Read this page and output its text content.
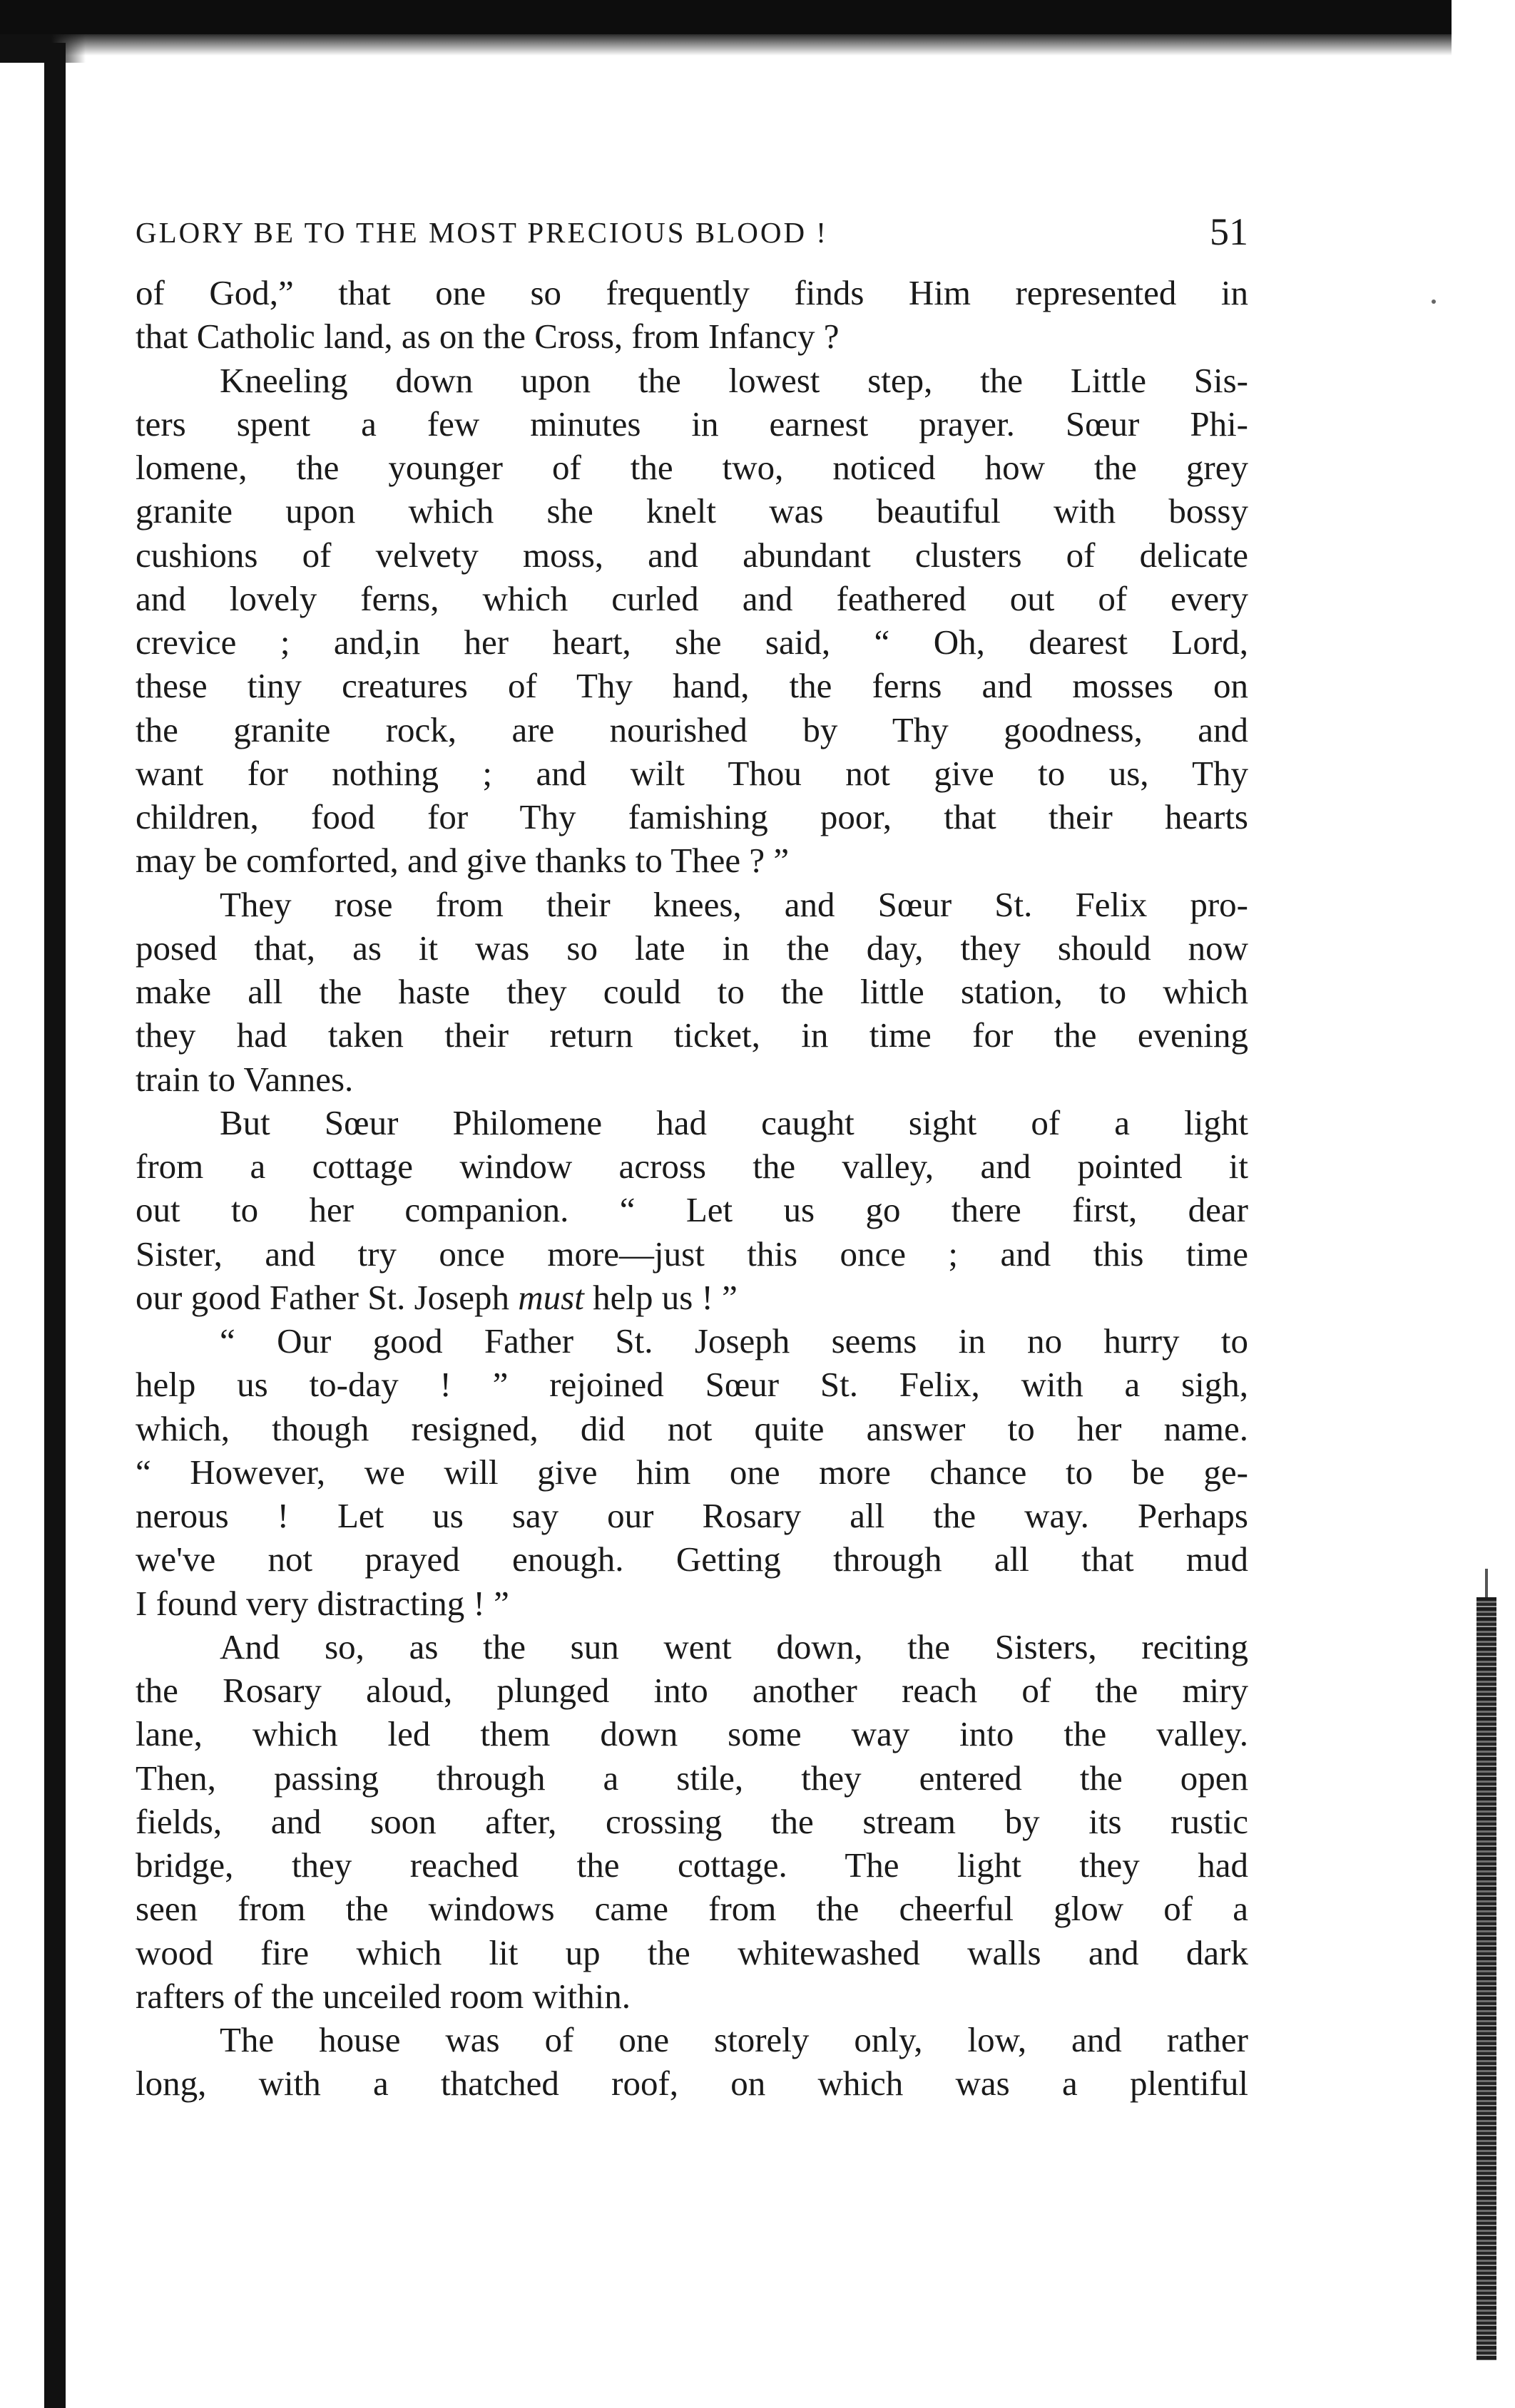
GLORY BE TO THE MOST PRECIOUS BLOOD !	51
of God,” that one so frequently finds Him represented in
that Catholic land, as on the Cross, from Infancy ?
Kneeling down upon the lowest step, the Little Sis-
ters spent a few minutes in earnest prayer. Sœur Phi-
lomene, the younger of the two, noticed how the grey
granite upon which she knelt was beautiful with bossy
cushions of velvety moss, and abundant clusters of delicate
and lovely ferns, which curled and feathered out of every
crevice ; and,in her heart, she said, “ Oh, dearest Lord,
these tiny creatures of Thy hand, the ferns and mosses on
the granite rock, are nourished by Thy goodness, and
want for nothing ; and wilt Thou not give to us, Thy
children, food for Thy famishing poor, that their hearts
may be comforted, and give thanks to Thee ? ”
They rose from their knees, and Sœur St. Felix pro-
posed that, as it was so late in the day, they should now
make all the haste they could to the little station, to which
they had taken their return ticket, in time for the evening
train to Vannes.
But Sœur Philomene had caught sight of a light
from a cottage window across the valley, and pointed it
out to her companion. “ Let us go there first, dear
Sister, and try once more—just this once ; and this time
our good Father St. Joseph must help us ! ”
“ Our good Father St. Joseph seems in no hurry to
help us to-day ! ” rejoined Sœur St. Felix, with a sigh,
which, though resigned, did not quite answer to her name.
“ However, we will give him one more chance to be ge-
nerous ! Let us say our Rosary all the way. Perhaps
we've not prayed enough. Getting through all that mud
I found very distracting ! ”
And so, as the sun went down, the Sisters, reciting
the Rosary aloud, plunged into another reach of the miry
lane, which led them down some way into the valley.
Then, passing through a stile, they entered the open
fields, and soon after, crossing the stream by its rustic
bridge, they reached the cottage. The light they had
seen from the windows came from the cheerful glow of a
wood fire which lit up the whitewashed walls and dark
rafters of the unceiled room within.
The house was of one storely only, low, and rather
long, with a thatched roof, on which was a plentiful
